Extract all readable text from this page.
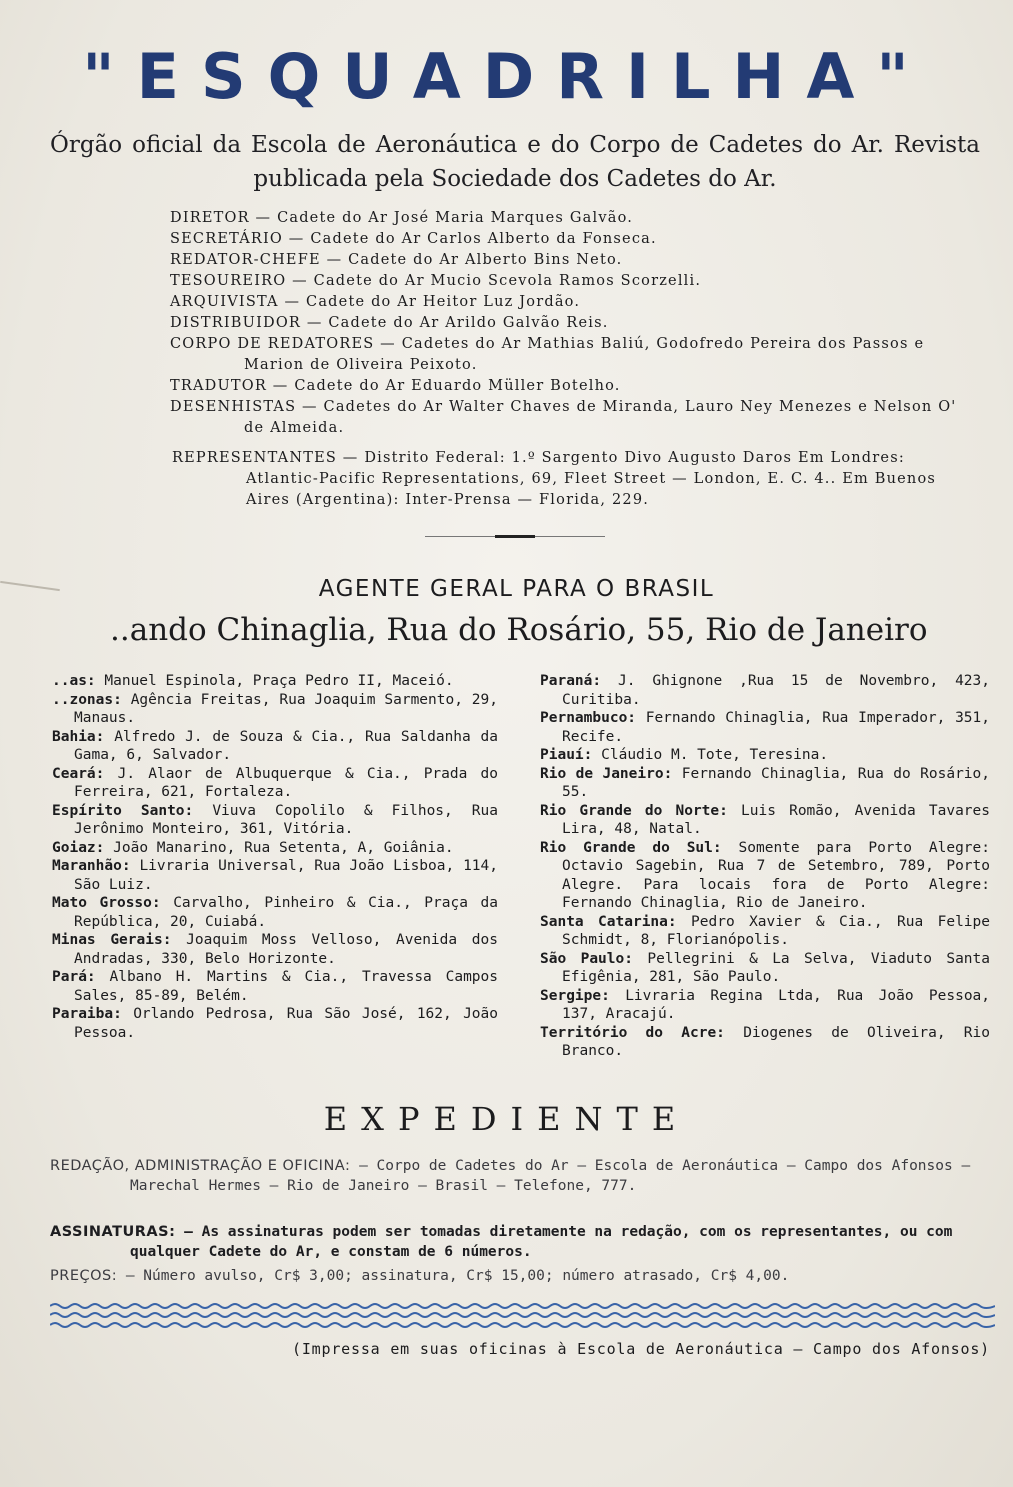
"ESQUADRILHA"
Órgão oficial da Escola de Aeronáutica e do Corpo de Cadetes do Ar. Revista publicada pela Sociedade dos Cadetes do Ar.
DIRETOR — Cadete do Ar José Maria Marques Galvão.
SECRETÁRIO — Cadete do Ar Carlos Alberto da Fonseca.
REDATOR-CHEFE — Cadete do Ar Alberto Bins Neto.
TESOUREIRO — Cadete do Ar Mucio Scevola Ramos Scorzelli.
ARQUIVISTA — Cadete do Ar Heitor Luz Jordão.
DISTRIBUIDOR — Cadete do Ar Arildo Galvão Reis.
CORPO DE REDATORES — Cadetes do Ar Mathias Baliú, Godofredo Pereira dos Passos e Marion de Oliveira Peixoto.
TRADUTOR — Cadete do Ar Eduardo Müller Botelho.
DESENHISTAS — Cadetes do Ar Walter Chaves de Miranda, Lauro Ney Menezes e Nelson O' de Almeida.
REPRESENTANTES — Distrito Federal: 1.º Sargento Divo Augusto Daros Em Londres: Atlantic-Pacific Representations, 69, Fleet Street — London, E. C. 4.. Em Buenos Aires (Argentina): Inter-Prensa — Florida, 229.
AGENTE GERAL PARA O BRASIL
..ando Chinaglia, Rua do Rosário, 55, Rio de Janeiro

..as: Manuel Espinola, Praça Pedro II, Maceió.

..zonas: Agência Freitas, Rua Joaquim Sarmento, 29, Manaus.

Bahia: Alfredo J. de Souza & Cia., Rua Saldanha da Gama, 6, Salvador.

Ceará: J. Alaor de Albuquerque & Cia., Prada do Ferreira, 621, Fortaleza.

Espírito Santo: Viuva Copolilo & Filhos, Rua Jerônimo Monteiro, 361, Vitória.

Goiaz: João Manarino, Rua Setenta, A, Goiânia.

Maranhão: Livraria Universal, Rua João Lisboa, 114, São Luiz.

Mato Grosso: Carvalho, Pinheiro & Cia., Praça da República, 20, Cuiabá.

Minas Gerais: Joaquim Moss Velloso, Avenida dos Andradas, 330, Belo Horizonte.

Pará: Albano H. Martins & Cia., Travessa Campos Sales, 85-89, Belém.

Paraiba: Orlando Pedrosa, Rua São José, 162, João Pessoa.

Paraná: J. Ghignone ,Rua 15 de Novembro, 423, Curitiba.

Pernambuco: Fernando Chinaglia, Rua Imperador, 351, Recife.

Piauí: Cláudio M. Tote, Teresina.

Rio de Janeiro: Fernando Chinaglia, Rua do Rosário, 55.

Rio Grande do Norte: Luis Romão, Avenida Tavares Lira, 48, Natal.

Rio Grande do Sul: Somente para Porto Alegre: Octavio Sagebin, Rua 7 de Setembro, 789, Porto Alegre. Para locais fora de Porto Alegre: Fernando Chinaglia, Rio de Janeiro.

Santa Catarina: Pedro Xavier & Cia., Rua Felipe Schmidt, 8, Florianópolis.

São Paulo: Pellegrini & La Selva, Viaduto Santa Efigênia, 281, São Paulo.

Sergipe: Livraria Regina Ltda, Rua João Pessoa, 137, Aracajú.

Território do Acre: Diogenes de Oliveira, Rio Branco.

EXPEDIENTE
REDAÇÃO, ADMINISTRAÇÃO E OFICINA: — Corpo de Cadetes do Ar — Escola de Aeronáutica — Campo dos Afonsos — Marechal Hermes — Rio de Janeiro — Brasil — Telefone, 777.
ASSINATURAS: — As assinaturas podem ser tomadas diretamente na redação, com os representantes, ou com qualquer Cadete do Ar, e constam de 6 números.
PREÇOS: — Número avulso, Cr$ 3,00; assinatura, Cr$ 15,00; número atrasado, Cr$ 4,00.
(Impressa em suas oficinas à Escola de Aeronáutica — Campo dos Afonsos)
